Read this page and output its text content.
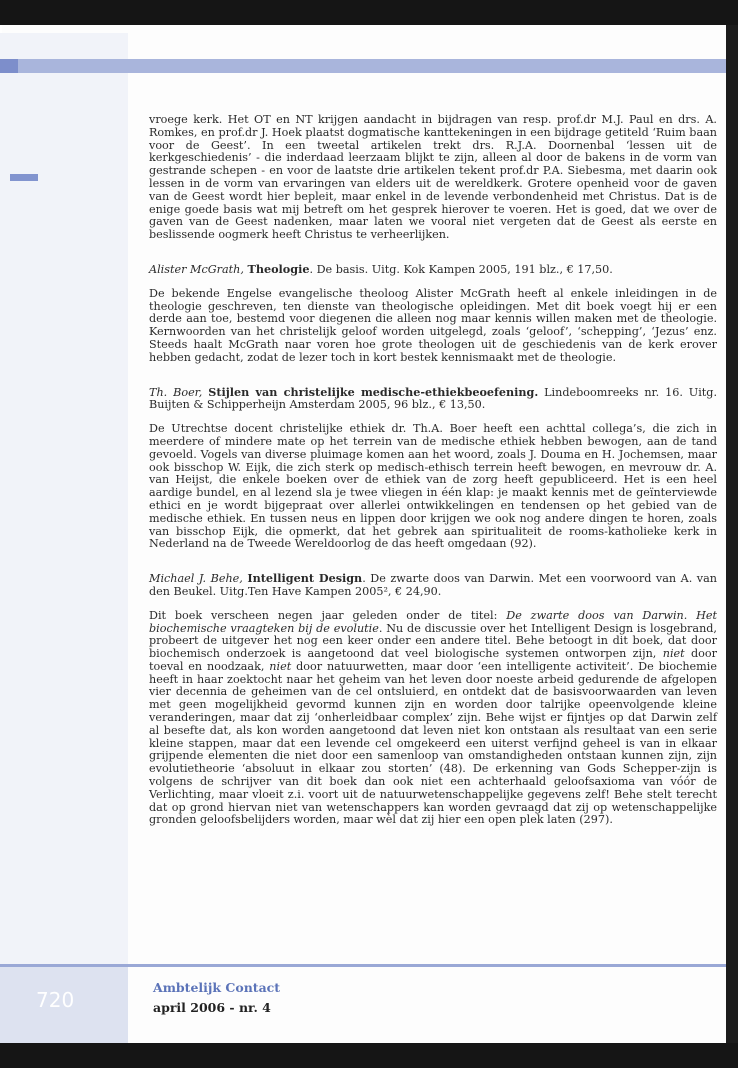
vroege kerk. Het OT en NT krijgen aandacht in bijdragen van resp. prof.dr M.J. Paul en drs. A. Romkes, en prof.dr J. Hoek plaatst dogmatische kanttekeningen in een bijdrage getiteld ‘Ruim baan voor de Geest’. In een tweetal artikelen trekt drs. R.J.A. Doornenbal ‘lessen uit de kerkgeschiedenis’ - die inderdaad leerzaam blijkt te zijn, alleen al door de bakens in de vorm van gestrande schepen - en voor de laatste drie artikelen tekent prof.dr P.A. Siebesma, met daarin ook lessen in de vorm van ervaringen van elders uit de wereldkerk. Grotere openheid voor de gaven van de Geest wordt hier bepleit, maar enkel in de levende verbondenheid met Christus. Dat is de enige goede basis wat mij betreft om het gesprek hierover te voeren. Het is goed, dat we over de gaven van de Geest nadenken, maar laten we vooral niet vergeten dat de Geest als eerste en beslissende oogmerk heeft Christus te verheerlijken.

Alister McGrath, Theologie. De basis. Uitg. Kok Kampen 2005, 191 blz., € 17,50.

De bekende Engelse evangelische theoloog Alister McGrath heeft al enkele inleidingen in de theologie geschreven, ten dienste van theologische opleidingen. Met dit boek voegt hij er een derde aan toe, bestemd voor diegenen die alleen nog maar kennis willen maken met de theologie. Kernwoorden van het christelijk geloof worden uitgelegd, zoals ‘geloof’, ‘schepping’, ‘Jezus’ enz. Steeds haalt McGrath naar voren hoe grote theologen uit de geschiedenis van de kerk erover hebben gedacht, zodat de lezer toch in kort bestek kennismaakt met de theologie.

Th. Boer, Stijlen van christelijke medische-ethiekbeoefening. Lindeboomreeks nr. 16. Uitg. Buijten & Schipperheijn Amsterdam 2005, 96 blz., € 13,50.

De Utrechtse docent christelijke ethiek dr. Th.A. Boer heeft een achttal collega’s, die zich in meerdere of mindere mate op het terrein van de medische ethiek hebben bewogen, aan de tand gevoeld. Vogels van diverse pluimage komen aan het woord, zoals J. Douma en H. Jochemsen, maar ook bisschop W. Eijk, die zich sterk op medisch-ethisch terrein heeft bewogen, en mevrouw dr. A. van Heijst, die enkele boeken over de ethiek van de zorg heeft gepubliceerd. Het is een heel aardige bundel, en al lezend sla je twee vliegen in één klap: je maakt kennis met de geïnterviewde ethici en je wordt bijgepraat over allerlei ontwikkelingen en tendensen op het gebied van de medische ethiek. En tussen neus en lippen door krijgen we ook nog andere dingen te horen, zoals van bisschop Eijk, die opmerkt, dat het gebrek aan spiritualiteit de rooms-katholieke kerk in Nederland na de Tweede Wereldoorlog de das heeft omgedaan (92).

Michael J. Behe, Intelligent Design. De zwarte doos van Darwin. Met een voorwoord van A. van den Beukel. Uitg.Ten Have Kampen 2005², € 24,90.

Dit boek verscheen negen jaar geleden onder de titel: De zwarte doos van Darwin. Het biochemische vraagteken bij de evolutie. Nu de discussie over het Intelligent Design is losgebrand, probeert de uitgever het nog een keer onder een andere titel. Behe betoogt in dit boek, dat door biochemisch onderzoek is aangetoond dat veel biologische systemen ontworpen zijn, niet door toeval en noodzaak, niet door natuurwetten, maar door ‘een intelligente activiteit’. De biochemie heeft in haar zoektocht naar het geheim van het leven door noeste arbeid gedurende de afgelopen vier decennia de geheimen van de cel ontsluierd, en ontdekt dat de basisvoorwaarden van leven met geen mogelijkheid gevormd kunnen zijn en worden door talrijke opeenvolgende kleine veranderingen, maar dat zij ‘onherleidbaar complex’ zijn. Behe wijst er fijntjes op dat Darwin zelf al besefte dat, als kon worden aangetoond dat leven niet kon ontstaan als resultaat van een serie kleine stappen, maar dat een levende cel omgekeerd een uiterst verfijnd geheel is van in elkaar grijpende elementen die niet door een samenloop van omstandigheden ontstaan kunnen zijn, zijn evolutietheorie ‘absoluut in elkaar zou storten’ (48). De erkenning van Gods Schepper-zijn is volgens de schrijver van dit boek dan ook niet een achterhaald geloofsaxioma van vóór de Verlichting, maar vloeit z.i. voort uit de natuurwetenschappelijke gegevens zelf! Behe stelt terecht dat op grond hiervan niet van wetenschappers kan worden gevraagd dat zij op wetenschappelijke gronden geloofsbelijders worden, maar wèl dat zij hier een open plek laten (297).

720
Ambtelijk Contact
april 2006 - nr. 4
